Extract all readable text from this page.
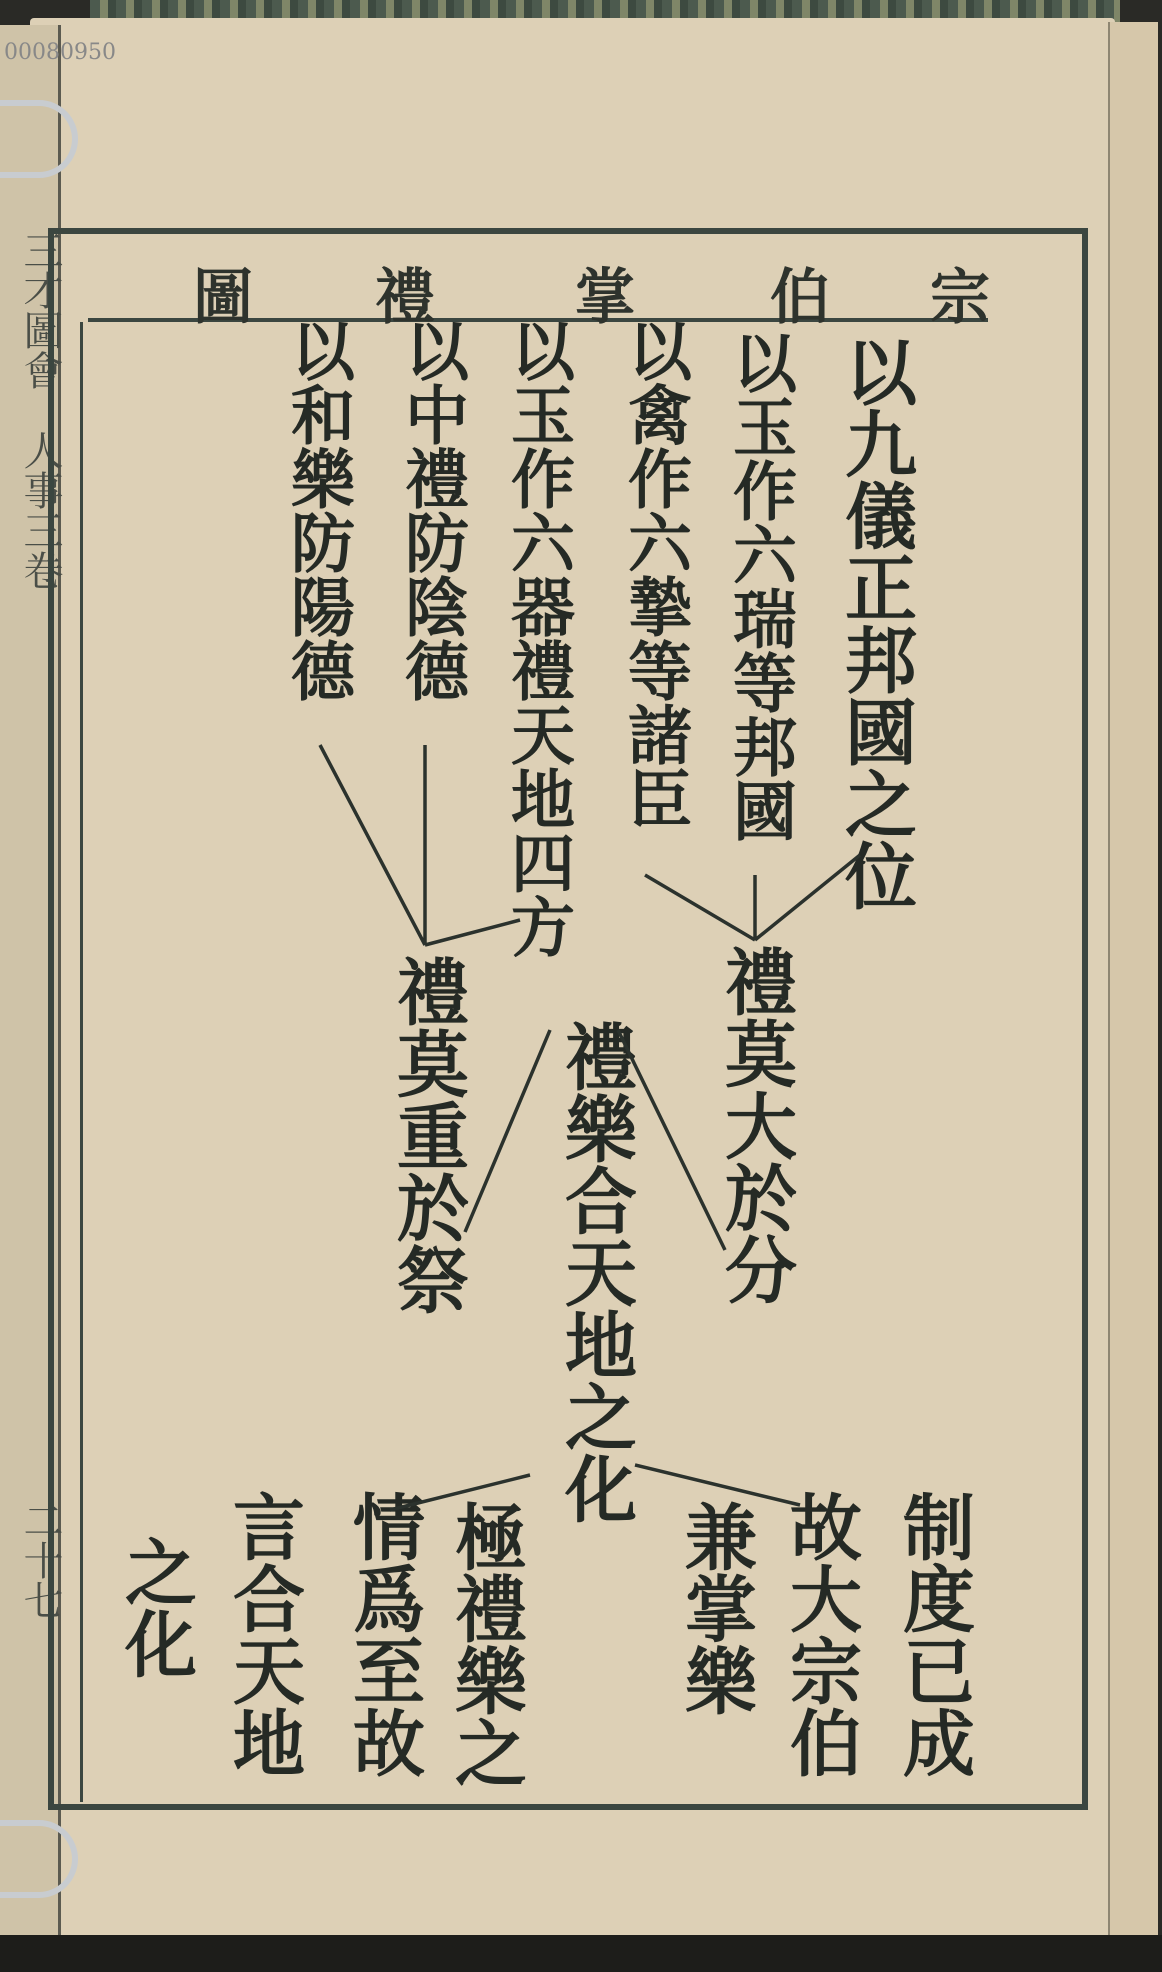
00080950
三才圖會　人事三卷
二十七
宗
伯
掌
禮
圖
以九儀正邦國之位
以玉作六瑞等邦國
以禽作六摯等諸臣
禮莫大於分
以玉作六器禮天地四方
以中禮防陰德
以和樂防陽德
禮莫重於祭 禮樂合天地之化
制度已成
故大宗伯
兼掌樂
極禮樂之
情爲至故
言合天地
之化
